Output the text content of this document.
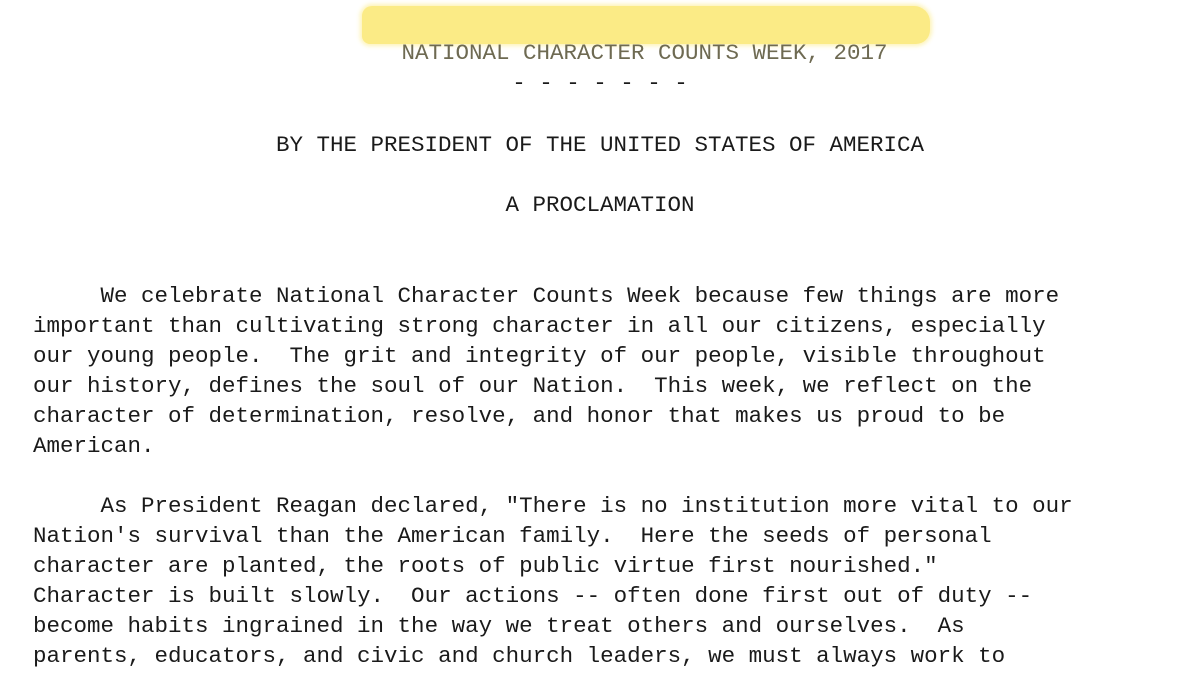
NATIONAL CHARACTER COUNTS WEEK, 2017

- - - - - - -
BY THE PRESIDENT OF THE UNITED STATES OF AMERICA
A PROCLAMATION
We celebrate National Character Counts Week because few things are more
important than cultivating strong character in all our citizens, especially
our young people.  The grit and integrity of our people, visible throughout
our history, defines the soul of our Nation.  This week, we reflect on the
character of determination, resolve, and honor that makes us proud to be
American.
As President Reagan declared, "There is no institution more vital to our
Nation's survival than the American family.  Here the seeds of personal
character are planted, the roots of public virtue first nourished."
Character is built slowly.  Our actions -- often done first out of duty --
become habits ingrained in the way we treat others and ourselves.  As
parents, educators, and civic and church leaders, we must always work to
